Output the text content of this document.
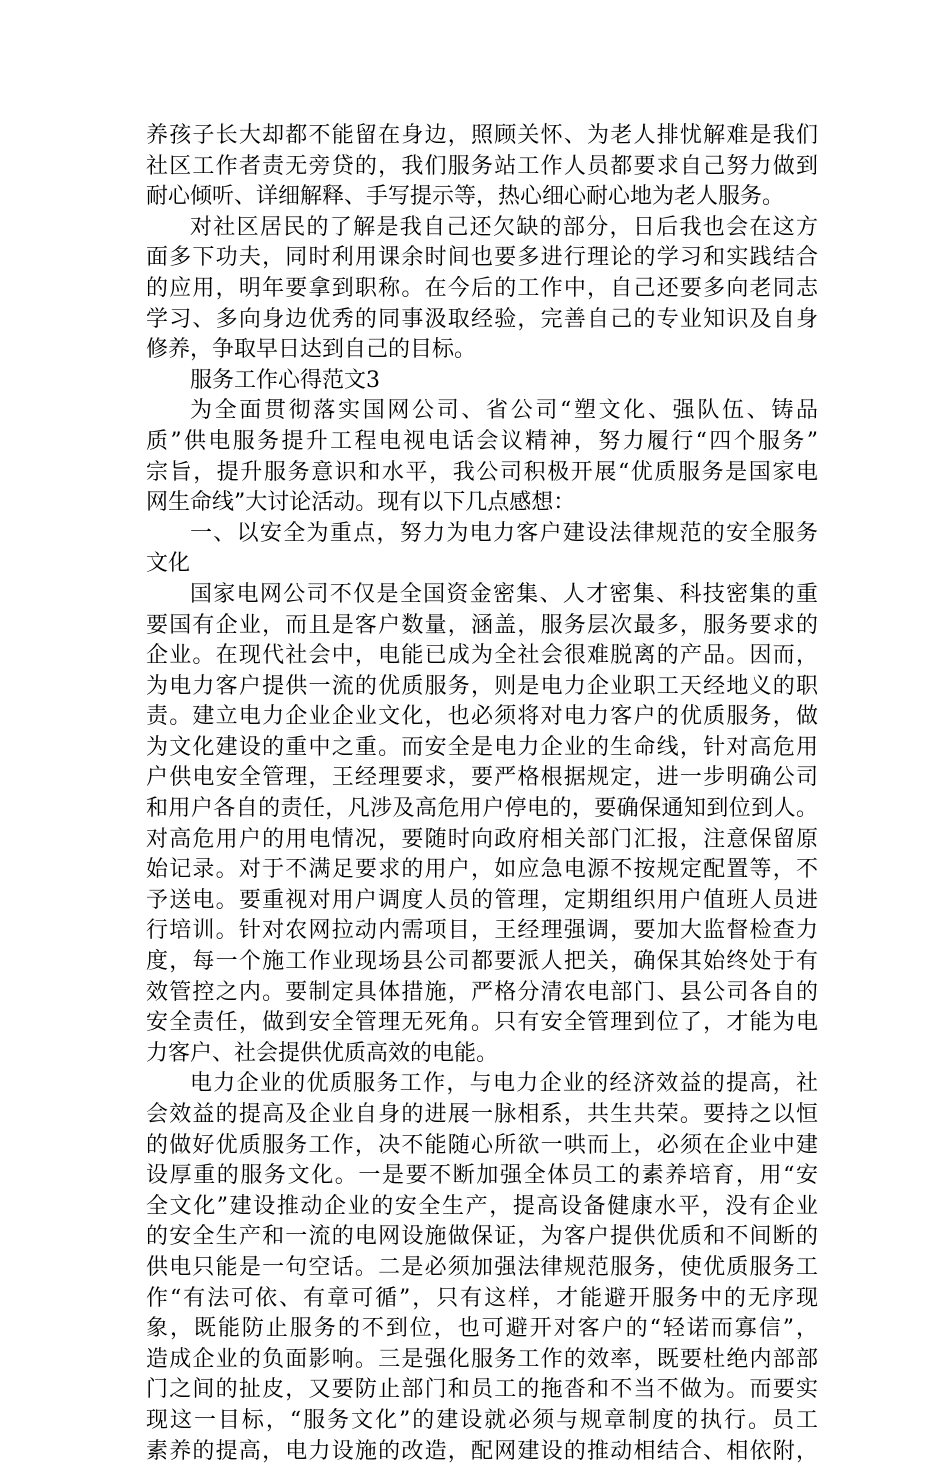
养孩子长大却都不能留在身边，照顾关怀、为老人排忧解难是我们
社区工作者责无旁贷的，我们服务站工作人员都要求自己努力做到
耐心倾听、详细解释、手写提示等，热心细心耐心地为老人服务。
对社区居民的了解是我自己还欠缺的部分，日后我也会在这方
面多下功夫，同时利用课余时间也要多进行理论的学习和实践结合
的应用，明年要拿到职称。在今后的工作中，自己还要多向老同志
学习、多向身边优秀的同事汲取经验，完善自己的专业知识及自身
修养，争取早日达到自己的目标。
服务工作心得范文3
为全面贯彻落实国网公司、省公司“塑文化、强队伍、铸品
质”供电服务提升工程电视电话会议精神，努力履行“四个服务”
宗旨，提升服务意识和水平，我公司积极开展“优质服务是国家电
网生命线”大讨论活动。现有以下几点感想：
一、以安全为重点，努力为电力客户建设法律规范的安全服务
文化
国家电网公司不仅是全国资金密集、人才密集、科技密集的重
要国有企业，而且是客户数量，涵盖，服务层次最多，服务要求的
企业。在现代社会中，电能已成为全社会很难脱离的产品。因而，
为电力客户提供一流的优质服务，则是电力企业职工天经地义的职
责。建立电力企业企业文化，也必须将对电力客户的优质服务，做
为文化建设的重中之重。而安全是电力企业的生命线，针对高危用
户供电安全管理，王经理要求，要严格根据规定，进一步明确公司
和用户各自的责任，凡涉及高危用户停电的，要确保通知到位到人。
对高危用户的用电情况，要随时向政府相关部门汇报，注意保留原
始记录。对于不满足要求的用户，如应急电源不按规定配置等，不
予送电。要重视对用户调度人员的管理，定期组织用户值班人员进
行培训。针对农网拉动内需项目，王经理强调，要加大监督检查力
度，每一个施工作业现场县公司都要派人把关，确保其始终处于有
效管控之内。要制定具体措施，严格分清农电部门、县公司各自的
安全责任，做到安全管理无死角。只有安全管理到位了，才能为电
力客户、社会提供优质高效的电能。
电力企业的优质服务工作，与电力企业的经济效益的提高，社
会效益的提高及企业自身的进展一脉相系，共生共荣。要持之以恒
的做好优质服务工作，决不能随心所欲一哄而上，必须在企业中建
设厚重的服务文化。一是要不断加强全体员工的素养培育，用“安
全文化”建设推动企业的安全生产，提高设备健康水平，没有企业
的安全生产和一流的电网设施做保证，为客户提供优质和不间断的
供电只能是一句空话。二是必须加强法律规范服务，使优质服务工
作“有法可依、有章可循”，只有这样，才能避开服务中的无序现
象，既能防止服务的不到位，也可避开对客户的“轻诺而寡信”，
造成企业的负面影响。三是强化服务工作的效率，既要杜绝内部部
门之间的扯皮，又要防止部门和员工的拖沓和不当不做为。而要实
现这一目标，“服务文化”的建设就必须与规章制度的执行。员工
素养的提高，电力设施的改造，配网建设的推动相结合、相依附，
